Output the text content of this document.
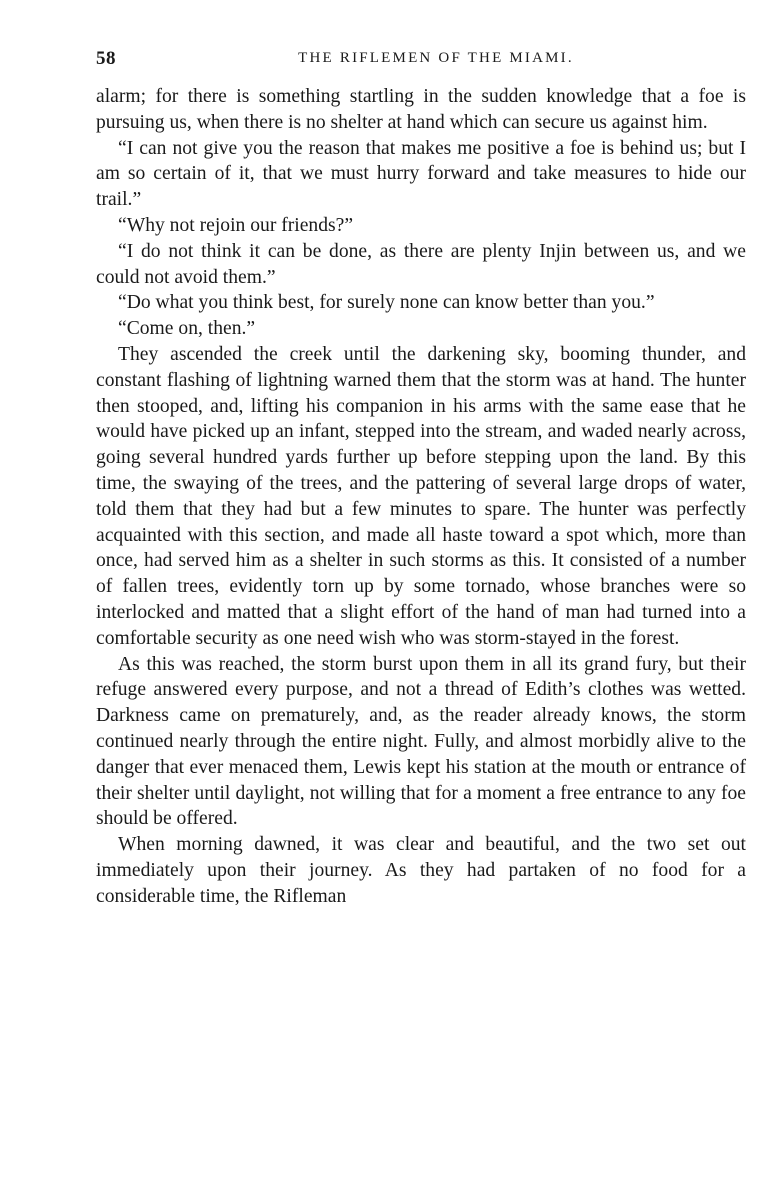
58	THE RIFLEMEN OF THE MIAMI.

alarm; for there is something startling in the sudden knowledge that a foe is pursuing us, when there is no shelter at hand which can secure us against him.

“I can not give you the reason that makes me positive a foe is behind us; but I am so certain of it, that we must hurry forward and take measures to hide our trail.”

“Why not rejoin our friends?”

“I do not think it can be done, as there are plenty Injin between us, and we could not avoid them.”

“Do what you think best, for surely none can know better than you.”

“Come on, then.”

They ascended the creek until the darkening sky, booming thunder, and constant flashing of lightning warned them that the storm was at hand. The hunter then stooped, and, lifting his companion in his arms with the same ease that he would have picked up an infant, stepped into the stream, and waded nearly across, going several hundred yards further up before stepping upon the land. By this time, the swaying of the trees, and the pattering of several large drops of water, told them that they had but a few minutes to spare. The hunter was perfectly acquainted with this section, and made all haste toward a spot which, more than once, had served him as a shelter in such storms as this. It consisted of a number of fallen trees, evidently torn up by some tornado, whose branches were so interlocked and matted that a slight effort of the hand of man had turned into a comfortable security as one need wish who was storm-stayed in the forest.

As this was reached, the storm burst upon them in all its grand fury, but their refuge answered every purpose, and not a thread of Edith’s clothes was wetted. Darkness came on prematurely, and, as the reader already knows, the storm continued nearly through the entire night. Fully, and almost morbidly alive to the danger that ever menaced them, Lewis kept his station at the mouth or entrance of their shelter until daylight, not willing that for a moment a free entrance to any foe should be offered.

When morning dawned, it was clear and beautiful, and the two set out immediately upon their journey. As they had partaken of no food for a considerable time, the Rifleman
